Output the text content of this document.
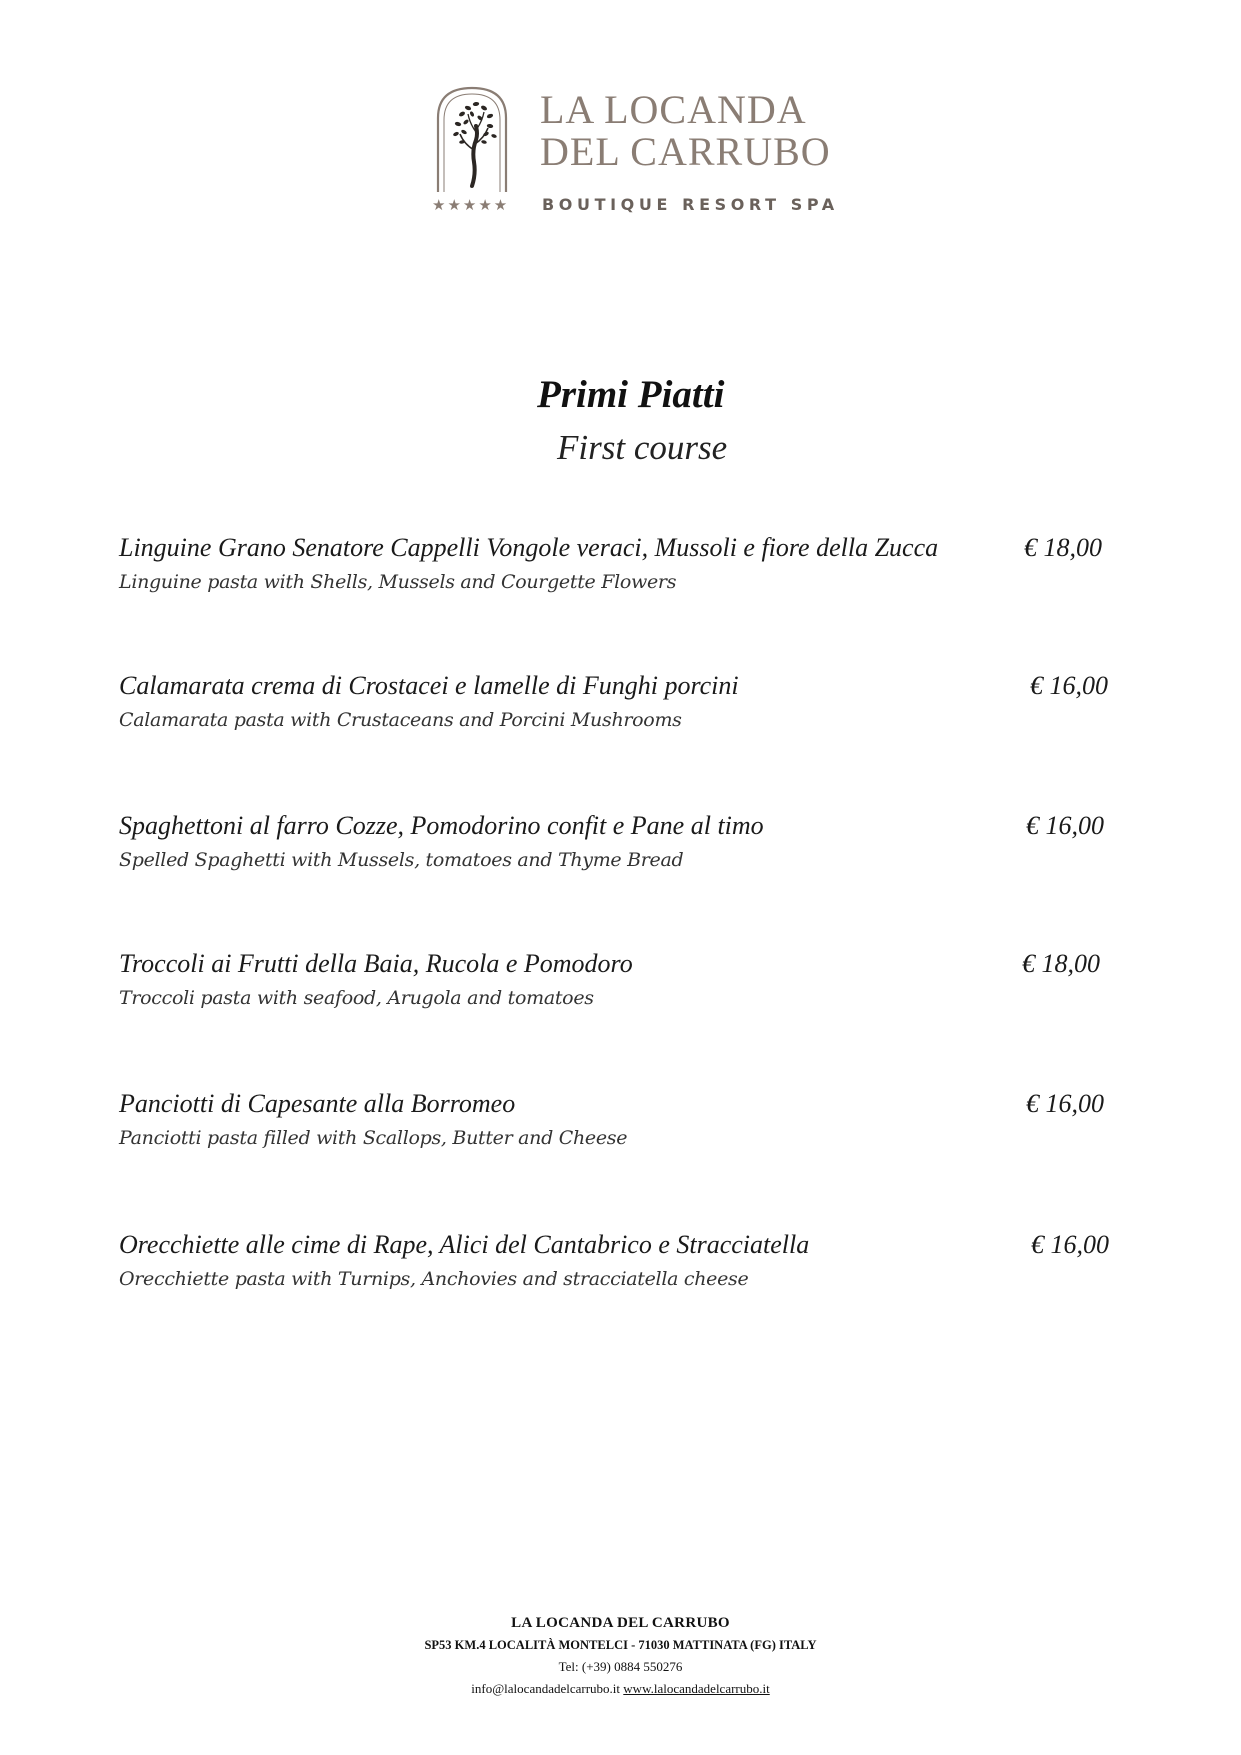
LA LOCANDA
DEL CARRUBO
★★★★★ BOUTIQUE RESORT SPA
Primi Piatti
First course
Linguine Grano Senatore Cappelli Vongole veraci, Mussoli e fiore della Zucca
Linguine pasta with Shells, Mussels and Courgette Flowers
€ 18,00
Calamarata crema di Crostacei e lamelle di Funghi porcini
Calamarata pasta with Crustaceans and Porcini Mushrooms
€ 16,00
Spaghettoni al farro Cozze, Pomodorino confit e Pane al timo
Spelled Spaghetti with Mussels, tomatoes and Thyme Bread
€ 16,00
Troccoli ai Frutti della Baia, Rucola e Pomodoro
Troccoli pasta with seafood, Arugola and tomatoes
€ 18,00
Panciotti di Capesante alla Borromeo
Panciotti pasta filled with Scallops, Butter and Cheese
€ 16,00
Orecchiette alle cime di Rape, Alici del Cantabrico e Stracciatella
Orecchiette pasta with Turnips, Anchovies and stracciatella cheese
€ 16,00
LA LOCANDA DEL CARRUBO
SP53 KM.4 LOCALITÀ MONTELCI - 71030 MATTINATA (FG) ITALY
Tel: (+39) 0884 550276
info@lalocandadelcarrubo.it www.lalocandadelcarrubo.it
